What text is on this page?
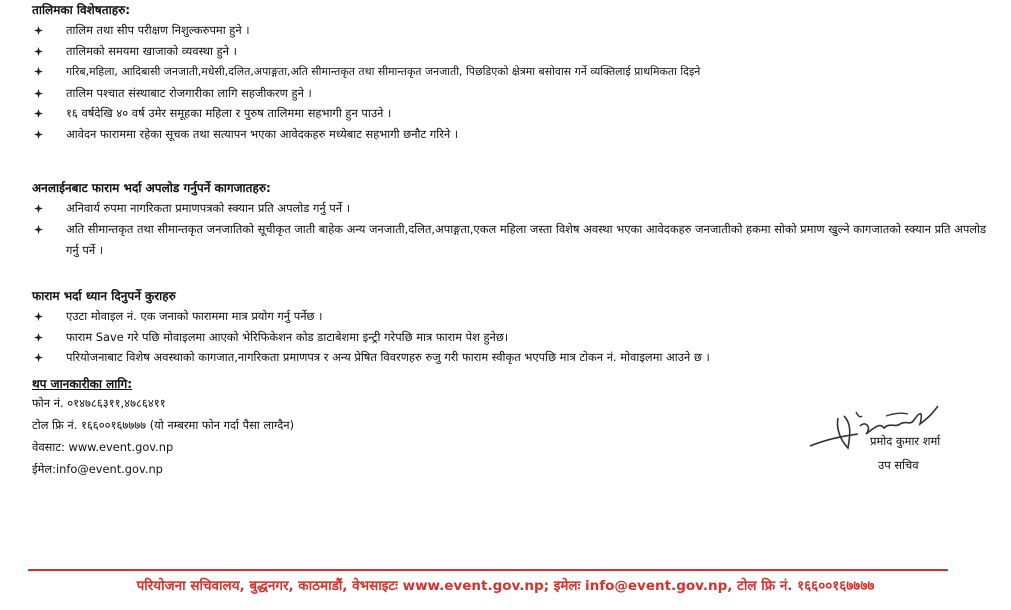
तालिमका विशेषताहरु:
तालिम तथा सीप परीक्षण निशुल्करुपमा हुने ।
तालिमको समयमा खाजाको व्यवस्था हुने ।
गरिब,महिला, आदिबासी जनजाती,मधेसी,दलित,अपाङ्गता,अति सीमान्तकृत तथा सीमान्तकृत जनजाती, पिछडिएको क्षेत्रमा बसोवास गर्ने व्यक्तिलाई प्राथमिकता दिइने
तालिम पश्चात संस्थाबाट रोजगारीका लागि सहजीकरण हुने ।
१६ वर्षदेखि ४० वर्ष उमेर समूहका महिला र पुरुष तालिममा सहभागी हुन पाउने ।
आवेदन फाराममा रहेका सूचक तथा सत्यापन भएका आवेदकहरु मध्येबाट सहभागी छनौट गरिने ।
अनलाईनबाट फाराम भर्दा अपलोड गर्नुपर्ने कागजातहरु:
अनिवार्य रुपमा नागरिकता प्रमाणपत्रको स्क्यान प्रति अपलोड गर्नु पर्ने ।
अति सीमान्तकृत तथा सीमान्तकृत जनजातिको सूचीकृत जाती बाहेक अन्य जनजाती,दलित,अपाङ्गता,एकल महिला जस्ता विशेष अवस्था भएका आवेदकहरु जनजातीको हकमा सोको प्रमाण खुल्ने कागजातको स्क्यान प्रति अपलोड गर्नु पर्ने ।
फाराम भर्दा ध्यान दिनुपर्ने कुराहरु
एउटा मोवाइल नं. एक जनाको फाराममा मात्र प्रयोग गर्नु पर्नेछ ।
फाराम Save गरे पछि मोवाइलमा आएको भेरिफिकेशन कोड डाटाबेशमा इन्ट्री गरेपछि मात्र फाराम पेश हुनेछ।
परियोजनाबाट विशेष अवस्थाको कागजात,नागरिकता प्रमाणपत्र र अन्य प्रेषित विवरणहरु रुजु गरी फाराम स्वीकृत भएपछि मात्र टोकन नं. मोवाइलमा आउने छ ।
थप जानकारीका लागि:
फोन नं. ०१४७८६३११,४७८६४११
टोल फ्रि नं. १६६००१६७७७७ (यो नम्बरमा फोन गर्दा पैसा लाग्दैन)
वेवसाट: www.event.gov.np
ईमेल:info@event.gov.np
प्रमोद कुमार शर्मा
उप सचिव
परियोजना सचिवालय, बुद्धनगर, काठमाडौं, वेभसाइटः www.event.gov.np; इमेलः info@event.gov.np, टोल फ्रि नं. १६६००१६७७७७
